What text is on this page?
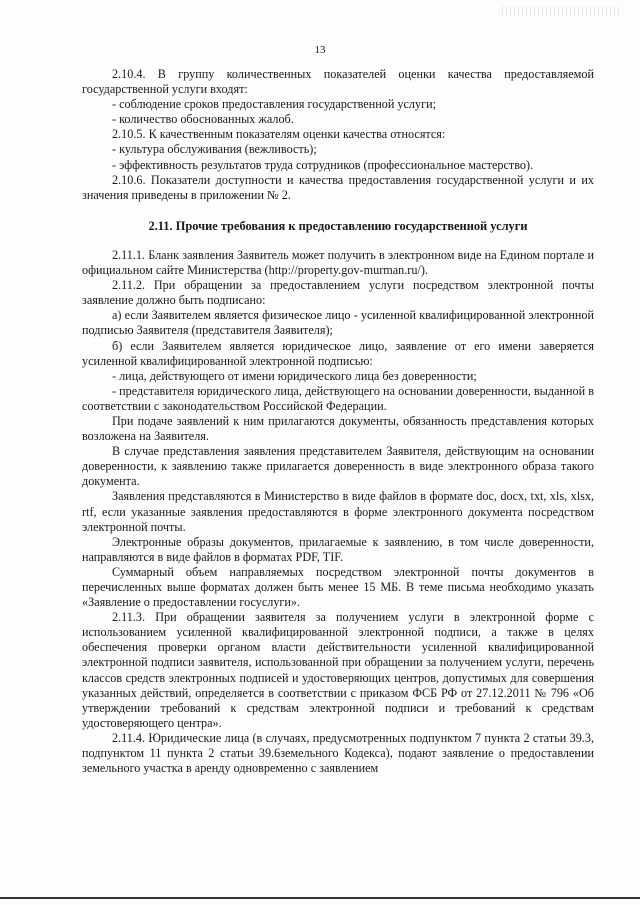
13

2.10.4. В группу количественных показателей оценки качества предоставляемой государственной услуги входят:

- соблюдение сроков предоставления государственной услуги;

- количество обоснованных жалоб.

2.10.5. К качественным показателям оценки качества относятся:

- культура обслуживания (вежливость);

- эффективность результатов труда сотрудников (профессиональное мастерство).

2.10.6. Показатели доступности и качества предоставления государственной услуги и их значения приведены в приложении № 2.

2.11. Прочие требования к предоставлению государственной услуги

2.11.1. Бланк заявления Заявитель может получить в электронном виде на Едином портале и официальном сайте Министерства (http://property.gov-murman.ru/).

2.11.2. При обращении за предоставлением услуги посредством электронной почты заявление должно быть подписано:

а) если Заявителем является физическое лицо - усиленной квалифицированной электронной подписью Заявителя (представителя Заявителя);

б) если Заявителем является юридическое лицо, заявление от его имени заверяется усиленной квалифицированной электронной подписью:

- лица, действующего от имени юридического лица без доверенности;

- представителя юридического лица, действующего на основании доверенности, выданной в соответствии с законодательством Российской Федерации.

При подаче заявлений к ним прилагаются документы, обязанность представления которых возложена на Заявителя.

В случае представления заявления представителем Заявителя, действующим на основании доверенности, к заявлению также прилагается доверенность в виде электронного образа такого документа.

Заявления представляются в Министерство в виде файлов в формате doc, docx, txt, xls, xlsx, rtf, если указанные заявления предоставляются в форме электронного документа посредством электронной почты.

Электронные образы документов, прилагаемые к заявлению, в том числе доверенности, направляются в виде файлов в форматах PDF, TIF.

Суммарный объем направляемых посредством электронной почты документов в перечисленных выше форматах должен быть менее 15 МБ. В теме письма необходимо указать «Заявление о предоставлении госуслуги».

2.11.3. При обращении заявителя за получением услуги в электронной форме с использованием усиленной квалифицированной электронной подписи, а также в целях обеспечения проверки органом власти действительности усиленной квалифицированной электронной подписи заявителя, использованной при обращении за получением услуги, перечень классов средств электронных подписей и удостоверяющих центров, допустимых для совершения указанных действий, определяется в соответствии с приказом ФСБ РФ от 27.12.2011 № 796 «Об утверждении требований к средствам электронной подписи и требований к средствам удостоверяющего центра».

2.11.4. Юридические лица (в случаях, предусмотренных подпунктом 7 пункта 2 статьи 39.3, подпунктом 11 пункта 2 статьи 39.6земельного Кодекса), подают заявление о предоставлении земельного участка в аренду одновременно с заявлением
